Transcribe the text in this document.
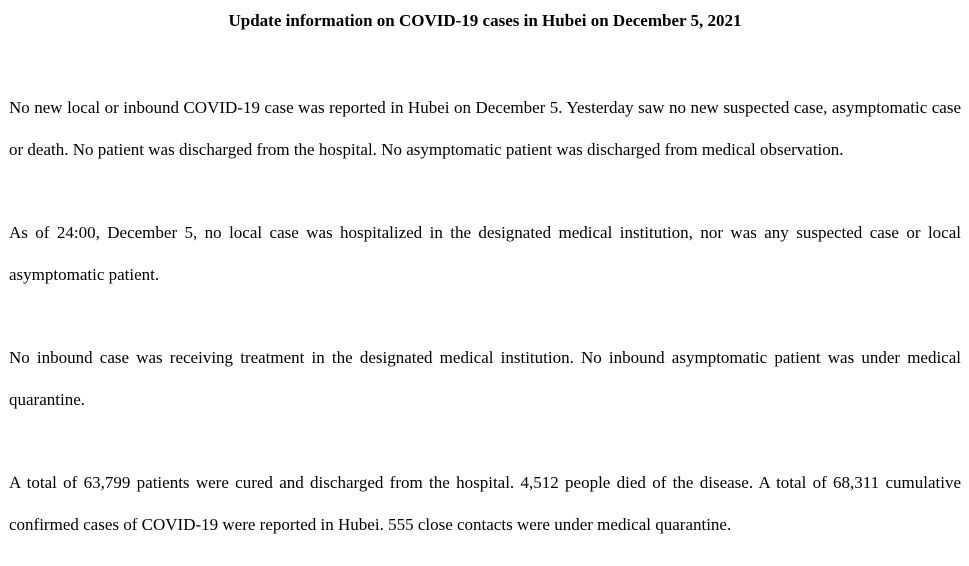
Update information on COVID-19 cases in Hubei on December 5, 2021

No new local or inbound COVID-19 case was reported in Hubei on December 5. Yesterday saw no new suspected case, asymptomatic case or death. No patient was discharged from the hospital. No asymptomatic patient was discharged from medical observation.

As of 24:00, December 5, no local case was hospitalized in the designated medical institution, nor was any suspected case or local asymptomatic patient.

No inbound case was receiving treatment in the designated medical institution. No inbound asymptomatic patient was under medical quarantine.

A total of 63,799 patients were cured and discharged from the hospital. 4,512 people died of the disease. A total of 68,311 cumulative confirmed cases of COVID-19 were reported in Hubei. 555 close contacts were under medical quarantine.
